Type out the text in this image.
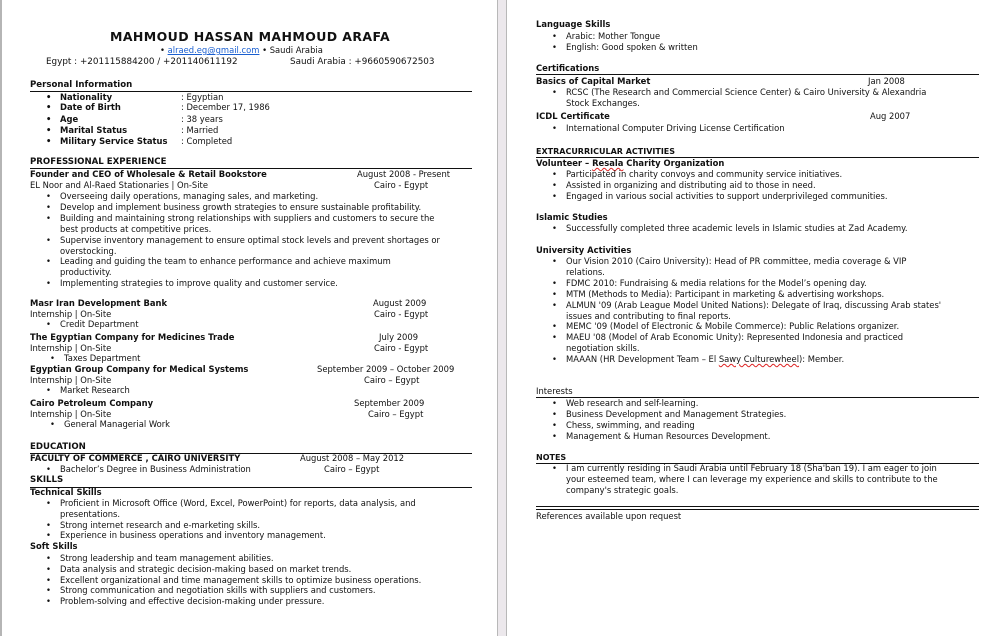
MAHMOUD HASSAN MAHMOUD ARAFA
• alraed.eg@gmail.com • Saudi Arabia
Egypt : +201115884200 / +201140611192	Saudi Arabia : +9660590672503
Personal Information
• Nationality	: Egyptian
• Date of Birth	: December 17, 1986
• Age	: 38 years
• Marital Status	: Married
• Military Service Status : Completed
PROFESSIONAL EXPERIENCE
Founder and CEO of Wholesale & Retail Bookstore	August 2008 - Present
EL Noor and Al-Raed Stationaries | On-Site	Cairo - Egypt
• Overseeing daily operations, managing sales, and marketing.
• Develop and implement business growth strategies to ensure sustainable profitability.
• Building and maintaining strong relationships with suppliers and customers to secure the
best products at competitive prices.
• Supervise inventory management to ensure optimal stock levels and prevent shortages or
overstocking.
• Leading and guiding the team to enhance performance and achieve maximum
productivity.
• Implementing strategies to improve quality and customer service.
Masr Iran Development Bank	August 2009
Internship | On-Site	Cairo - Egypt
• Credit Department
The Egyptian Company for Medicines Trade	July 2009
Internship | On-Site	Cairo - Egypt
• Taxes Department
Egyptian Group Company for Medical Systems	September 2009 – October 2009
Internship | On-Site	Cairo – Egypt
• Market Research
Cairo Petroleum Company	September 2009
Internship | On-Site	Cairo – Egypt
• General Managerial Work
EDUCATION
FACULTY OF COMMERCE , CAIRO UNIVERSITY	August 2008 – May 2012
• Bachelor’s Degree in Business Administration	Cairo – Egypt
SKILLS
Technical Skills
• Proficient in Microsoft Office (Word, Excel, PowerPoint) for reports, data analysis, and
presentations.
• Strong internet research and e-marketing skills.
• Experience in business operations and inventory management.
Soft Skills
• Strong leadership and team management abilities.
• Data analysis and strategic decision-making based on market trends.
• Excellent organizational and time management skills to optimize business operations.
• Strong communication and negotiation skills with suppliers and customers.
• Problem-solving and effective decision-making under pressure.
Language Skills
• Arabic: Mother Tongue
• English: Good spoken & written
Certifications
Basics of Capital Market	Jan 2008
• RCSC (The Research and Commercial Science Center) & Cairo University & Alexandria
Stock Exchanges.
ICDL Certificate	Aug 2007
• International Computer Driving License Certification
EXTRACURRICULAR ACTIVITIES
Volunteer – Resala Charity Organization
• Participated in charity convoys and community service initiatives.
• Assisted in organizing and distributing aid to those in need.
• Engaged in various social activities to support underprivileged communities.
Islamic Studies
• Successfully completed three academic levels in Islamic studies at Zad Academy.
University Activities
• Our Vision 2010 (Cairo University): Head of PR committee, media coverage & VIP
relations.
• FDMC 2010: Fundraising & media relations for the Model’s opening day.
• MTM (Methods to Media): Participant in marketing & advertising workshops.
• ALMUN '09 (Arab League Model United Nations): Delegate of Iraq, discussing Arab states'
issues and contributing to final reports.
• MEMC '09 (Model of Electronic & Mobile Commerce): Public Relations organizer.
• MAEU '08 (Model of Arab Economic Unity): Represented Indonesia and practiced
negotiation skills.
• MAAAN (HR Development Team – El Sawy Culturewheel): Member.
Interests
• Web research and self-learning.
• Business Development and Management Strategies.
• Chess, swimming, and reading
• Management & Human Resources Development.
NOTES
• I am currently residing in Saudi Arabia until February 18 (Sha'ban 19). I am eager to join
your esteemed team, where I can leverage my experience and skills to contribute to the
company's strategic goals.
References available upon request
